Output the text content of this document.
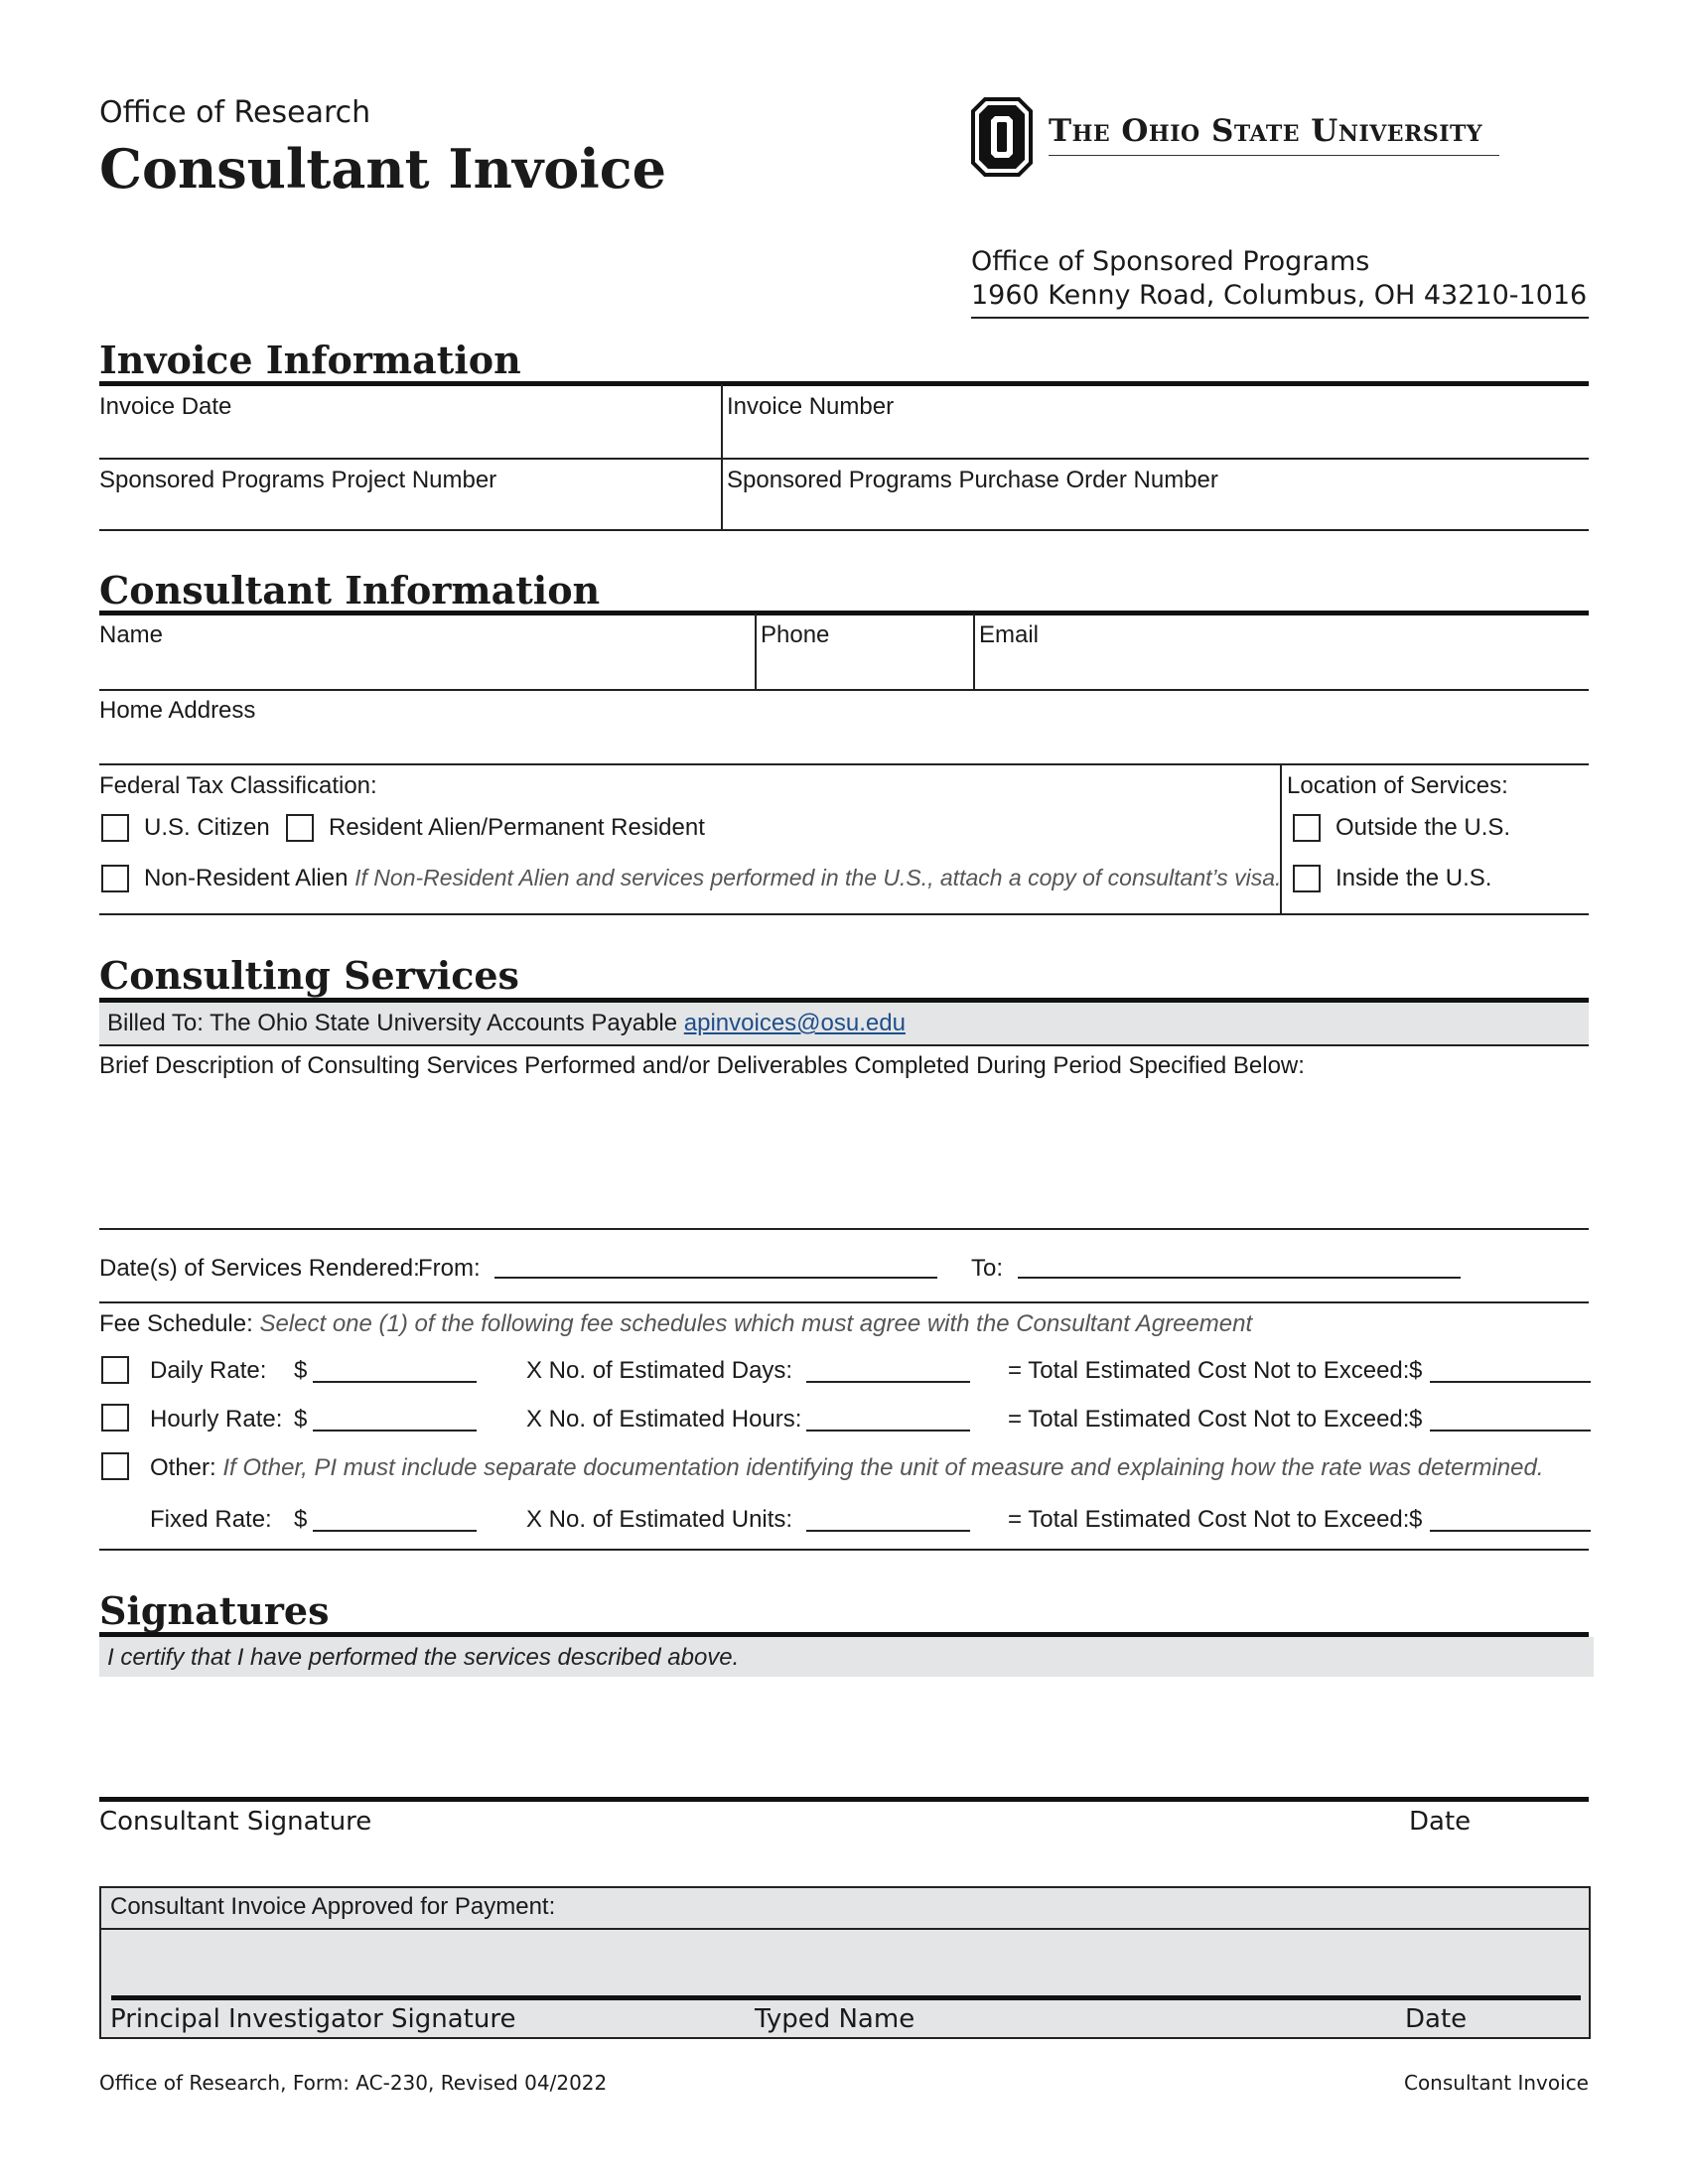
Office of Research
Consultant Invoice
The Ohio State University
Office of Sponsored Programs
1960 Kenny Road, Columbus, OH 43210-1016
Invoice Information
Invoice Date	Invoice Number
Sponsored Programs Project Number	Sponsored Programs Purchase Order Number
Consultant Information
Name	Phone	Email
Home Address
Federal Tax Classification:
U.S. Citizen Resident Alien/Permanent Resident
Non-Resident Alien If Non-Resident Alien and services performed in the U.S., attach a copy of consultant’s visa.
Location of Services:
Outside the U.S.
Inside the U.S.
Consulting Services
Billed To: The Ohio State University Accounts Payable apinvoices@osu.edu
Brief Description of Consulting Services Performed and/or Deliverables Completed During Period Specified Below:
Date(s) of Services Rendered:
From:	To:
Fee Schedule: Select one (1) of the following fee schedules which must agree with the Consultant Agreement
Daily Rate: $	X No. of Estimated Days:	= Total Estimated Cost Not to Exceed: $
Hourly Rate: $	X No. of Estimated Hours:	= Total Estimated Cost Not to Exceed: $
Other: If Other, PI must include separate documentation identifying the unit of measure and explaining how the rate was determined.
Fixed Rate: $	X No. of Estimated Units:	= Total Estimated Cost Not to Exceed: $
Signatures
I certify that I have performed the services described above.
Consultant Signature	Date
Consultant Invoice Approved for Payment:
Principal Investigator Signature	Typed Name	Date
Office of Research, Form: AC-230, Revised 04/2022	Consultant Invoice
